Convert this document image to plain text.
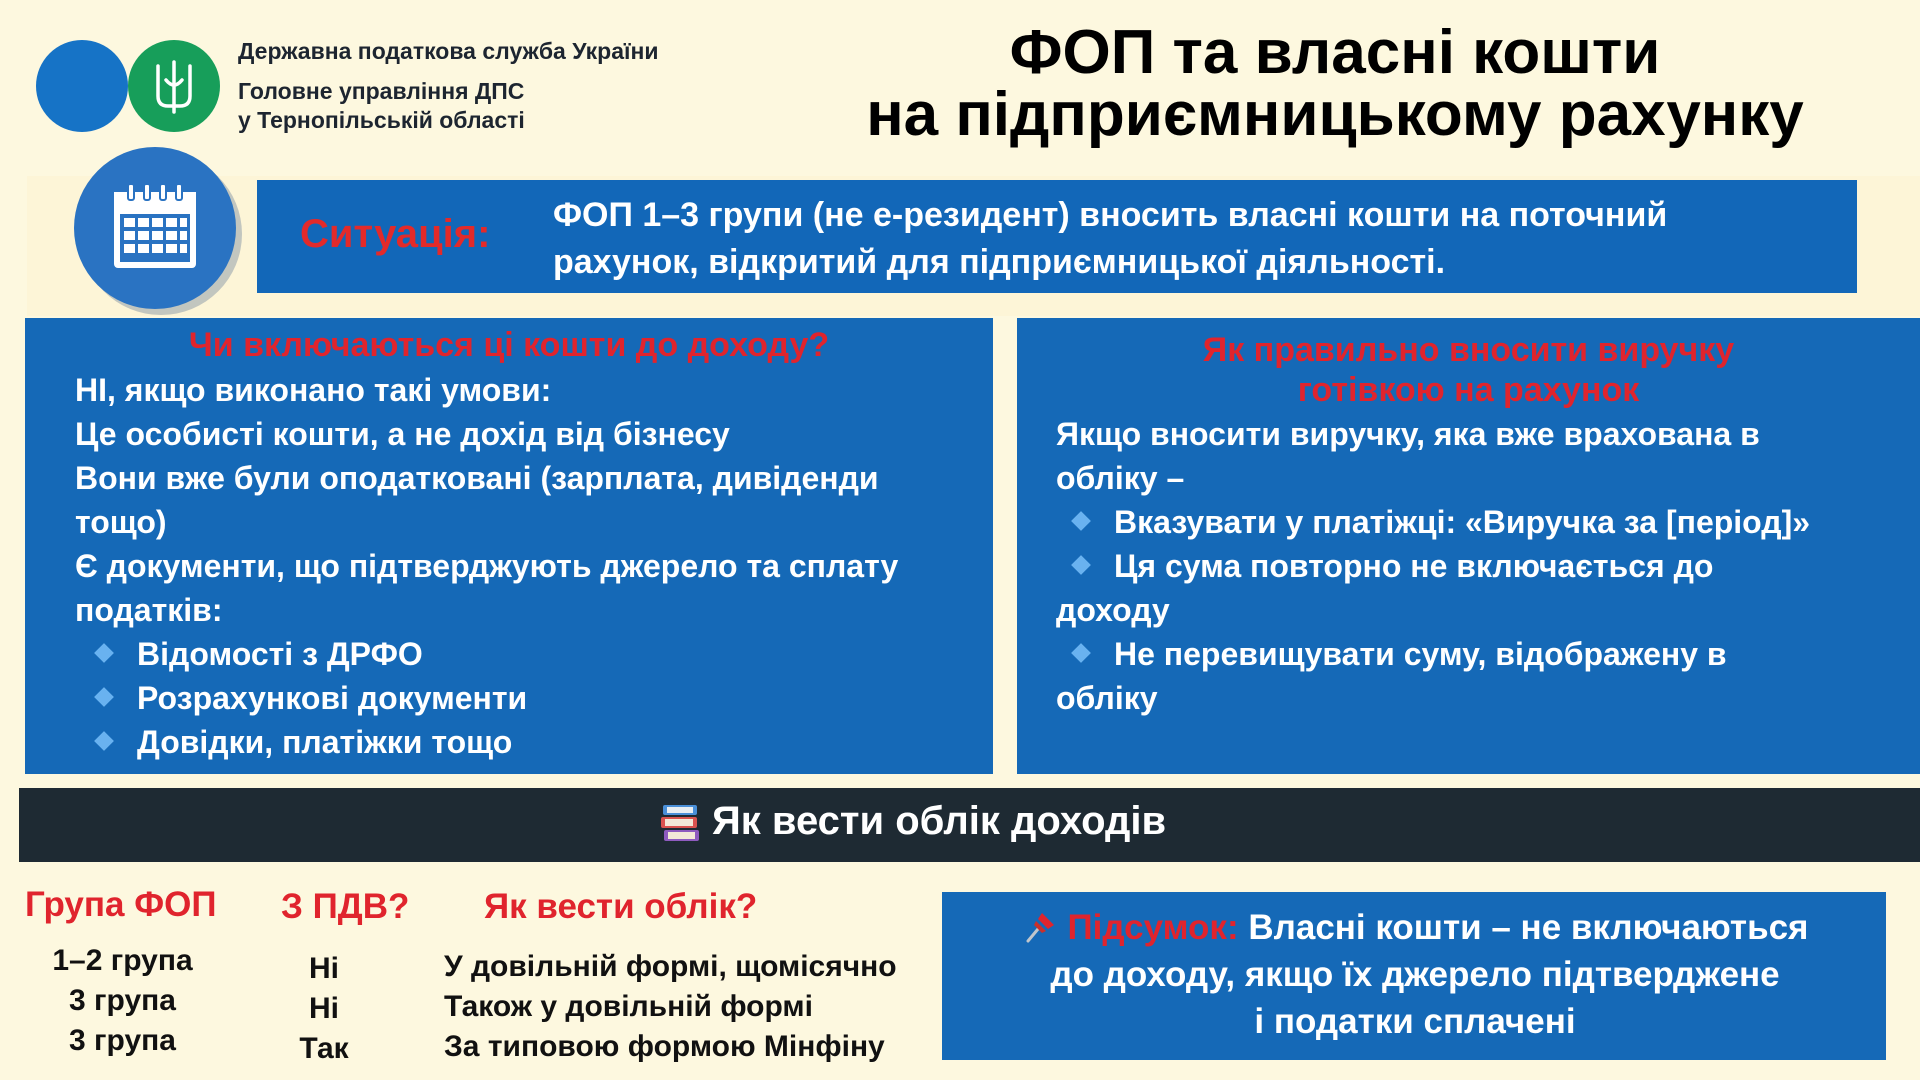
Державна податкова служба України
Головне управління ДПС
у Тернопільській області
ФОП та власні кошти
на підприємницькому рахунку
Ситуація: ФОП 1–3 групи (не е-резидент) вносить власні кошти на поточний
рахунок, відкритий для підприємницької діяльності.
Чи включаються ці кошти до доходу?
НІ, якщо виконано такі умови:
Це особисті кошти, а не дохід від бізнесу
Вони вже були оподатковані (зарплата, дивіденди
тощо)
Є документи, що підтверджують джерело та сплату
податків:
Відомості з ДРФО
Розрахункові документи
Довідки, платіжки тощо
Як правильно вносити виручку
готівкою на рахунок
Якщо вносити виручку, яка вже врахована в
обліку –
Вказувати у платіжці: «Виручка за [період]»
Ця сума повторно не включається до
доходу
Не перевищувати суму, відображену в
обліку
Як вести облік доходів
Група ФОП З ПДВ? Як вести облік?
1–2 група
3 група
3 група
Ні
Ні
Так
У довільній формі, щомісячно
Також у довільній формі
За типовою формою Мінфіну
Підсумок: Власні кошти – не включаються
до доходу, якщо їх джерело підтверджене
і податки сплачені
